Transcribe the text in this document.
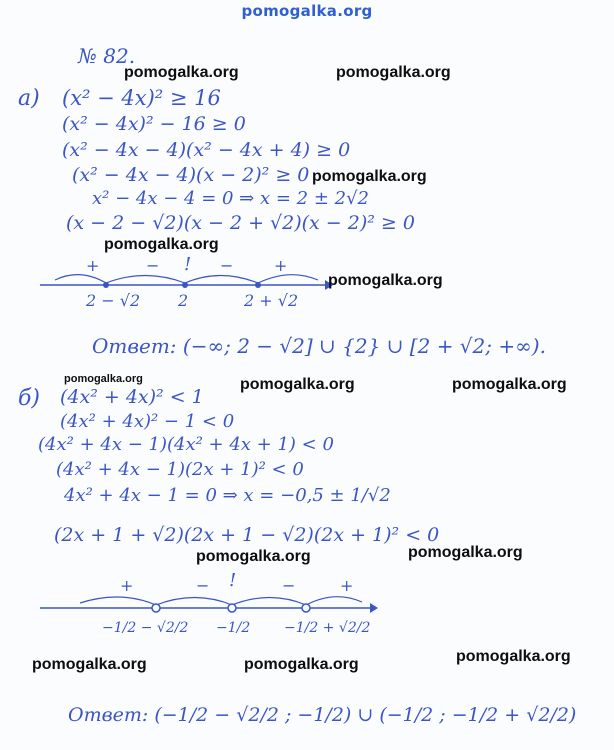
pomogalka.org
№ 82.
а) (x² − 4x)² ≥ 16
(x² − 4x)² − 16 ≥ 0
(x² − 4x − 4)(x² − 4x + 4) ≥ 0
(x² − 4x − 4)(x − 2)² ≥ 0
x² − 4x − 4 = 0 ⇒ x = 2 ± 2√2
(x − 2 − √2)(x − 2 + √2)(x − 2)² ≥ 0
+	− ! −	+
2 − √2 2	2 + √2
Ответ: (−∞; 2 − √2] ∪ {2} ∪ [2 + √2; +∞).
б) (4x² + 4x)² < 1
(4x² + 4x)² − 1 < 0
(4x² + 4x − 1)(4x² + 4x + 1) < 0
(4x² + 4x − 1)(2x + 1)² < 0
4x² + 4x − 1 = 0 ⇒ x = −0,5 ± 1/√2
(2x + 1 + √2)(2x + 1 − √2)(2x + 1)² < 0
+	− !	−	+
−1/2 − √2/2 −1/2 −1/2 + √2/2
Ответ: (−1/2 − √2/2 ; −1/2) ∪ (−1/2 ; −1/2 + √2/2)
pomogalka.org	pomogalka.org
pomogalka.org
pomogalka.org
pomogalka.org
pomogalka.org	pomogalka.org	pomogalka.org
pomogalka.org	pomogalka.org
pomogalka.org	pomogalka.org	pomogalka.org
